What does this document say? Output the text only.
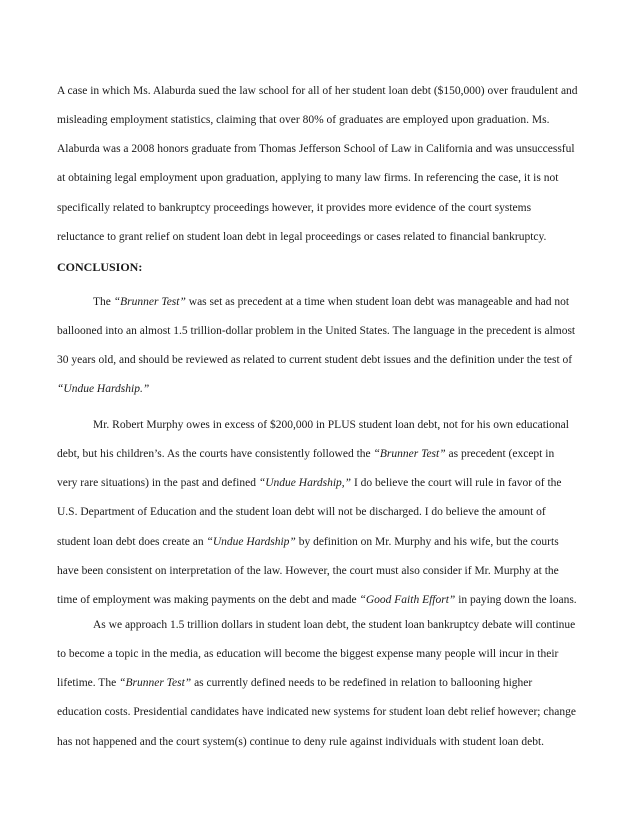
A case in which Ms. Alaburda sued the law school for all of her student loan debt ($150,000) over fraudulent and
misleading employment statistics, claiming that over 80% of graduates are employed upon graduation. Ms.
Alaburda was a 2008 honors graduate from Thomas Jefferson School of Law in California and was unsuccessful
at obtaining legal employment upon graduation, applying to many law firms. In referencing the case, it is not
specifically related to bankruptcy proceedings however, it provides more evidence of the court systems
reluctance to grant relief on student loan debt in legal proceedings or cases related to financial bankruptcy.
CONCLUSION:
The “Brunner Test” was set as precedent at a time when student loan debt was manageable and had not
ballooned into an almost 1.5 trillion-dollar problem in the United States. The language in the precedent is almost
30 years old, and should be reviewed as related to current student debt issues and the definition under the test of
“Undue Hardship.”
Mr. Robert Murphy owes in excess of $200,000 in PLUS student loan debt, not for his own educational
debt, but his children’s. As the courts have consistently followed the “Brunner Test” as precedent (except in
very rare situations) in the past and defined “Undue Hardship,” I do believe the court will rule in favor of the
U.S. Department of Education and the student loan debt will not be discharged. I do believe the amount of
student loan debt does create an “Undue Hardship” by definition on Mr. Murphy and his wife, but the courts
have been consistent on interpretation of the law. However, the court must also consider if Mr. Murphy at the
time of employment was making payments on the debt and made “Good Faith Effort” in paying down the loans.
As we approach 1.5 trillion dollars in student loan debt, the student loan bankruptcy debate will continue
to become a topic in the media, as education will become the biggest expense many people will incur in their
lifetime. The “Brunner Test” as currently defined needs to be redefined in relation to ballooning higher
education costs. Presidential candidates have indicated new systems for student loan debt relief however; change
has not happened and the court system(s) continue to deny rule against individuals with student loan debt.
